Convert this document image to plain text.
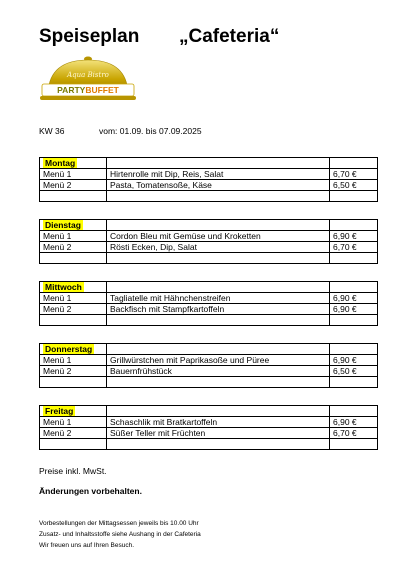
Speiseplan „Cafeteria“
Aqua Bistro
PARTYBUFFET
KW 36	vom: 01.09. bis 07.09.2025
Montag		
Menü 1	Hirtenrolle mit Dip, Reis, Salat	6,70 €
Menü 2	Pasta, Tomatensoße, Käse	6,50 €

Dienstag		
Menü 1	Cordon Bleu mit Gemüse und Kroketten	6,90 €
Menü 2	Rösti Ecken, Dip, Salat	6,70 €

Mittwoch		
Menü 1	Tagliatelle mit Hähnchenstreifen	6,90 €
Menü 2	Backfisch mit Stampfkartoffeln	6,90 €

Donnerstag		
Menü 1	Grillwürstchen mit Paprikasoße und Püree	6,90 €
Menü 2	Bauernfrühstück	6,50 €

Freitag		
Menü 1	Schaschlik mit Bratkartoffeln	6,90 €
Menü 2	Süßer Teller mit Früchten	6,70 €

Preise inkl. MwSt.
Änderungen vorbehalten.
Vorbestellungen der Mittagsessen jeweils bis 10.00 Uhr
Zusatz- und Inhaltsstoffe siehe Aushang in der Cafeteria
Wir freuen uns auf Ihren Besuch.
